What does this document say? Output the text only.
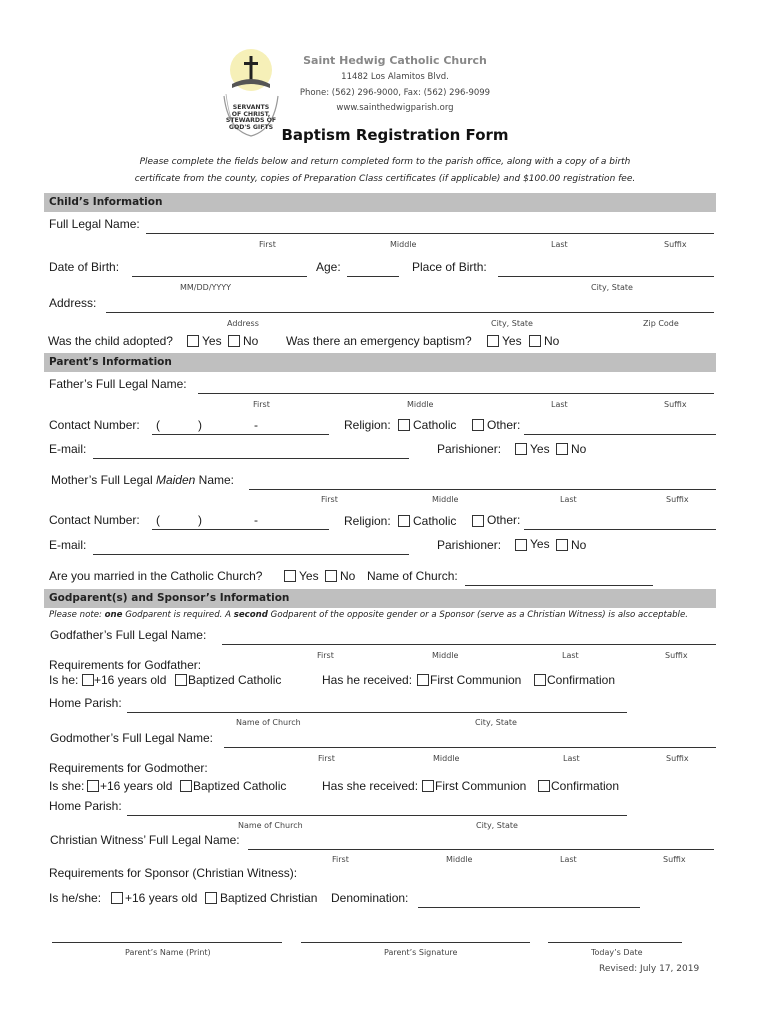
SERVANTS
OF CHRIST,
STEWARDS OF
GOD'S GIFTS
Saint Hedwig Catholic Church
11482 Los Alamitos Blvd.
Phone: (562) 296-9000, Fax: (562) 296-9099
www.sainthedwigparish.org
Baptism Registration Form
Please complete the fields below and return completed form to the parish office, along with a copy of a birth
certificate from the county, copies of Preparation Class certificates (if applicable) and $100.00 registration fee.
Child’s Information
Full Legal Name:
First	Middle	Last	Suffix
Date of Birth:	Age:	Place of Birth:
MM/DD/YYYY	City, State
Address:
Address	City, State	Zip Code
Was the child adopted? Yes No Was there an emergency baptism?	Yes No
Parent’s Information
Father’s Full Legal Name:
First	Middle	Last	Suffix
Contact Number: (	)	-	Religion: Catholic	Other:
E-mail:	Parishioner: Yes No
Mother’s Full Legal Maiden Name:
First	Middle	Last	Suffix
Contact Number: (	)	-	Religion: Catholic	Other:
E-mail:	Parishioner: Yes No
Are you married in the Catholic Church?	Yes No Name of Church:
Godparent(s) and Sponsor’s Information
Please note: one Godparent is required. A second Godparent of the opposite gender or a Sponsor (serve as a Christian Witness) is also acceptable.
Godfather’s Full Legal Name:
First	Middle	Last	Suffix
Requirements for Godfather:
Is he: +16 years old Baptized Catholic	Has he received: First Communion Confirmation
Home Parish:
Name of Church	City, State
Godmother’s Full Legal Name:
First	Middle	Last	Suffix
Requirements for Godmother:
Is she: +16 years old Baptized Catholic	Has she received: First Communion Confirmation
Home Parish:
Name of Church	City, State
Christian Witness’ Full Legal Name:
First	Middle	Last	Suffix
Requirements for Sponsor (Christian Witness):
Is he/she: +16 years old Baptized Christian Denomination:
Parent’s Name (Print)	Parent’s Signature	Today’s Date
Revised: July 17, 2019
